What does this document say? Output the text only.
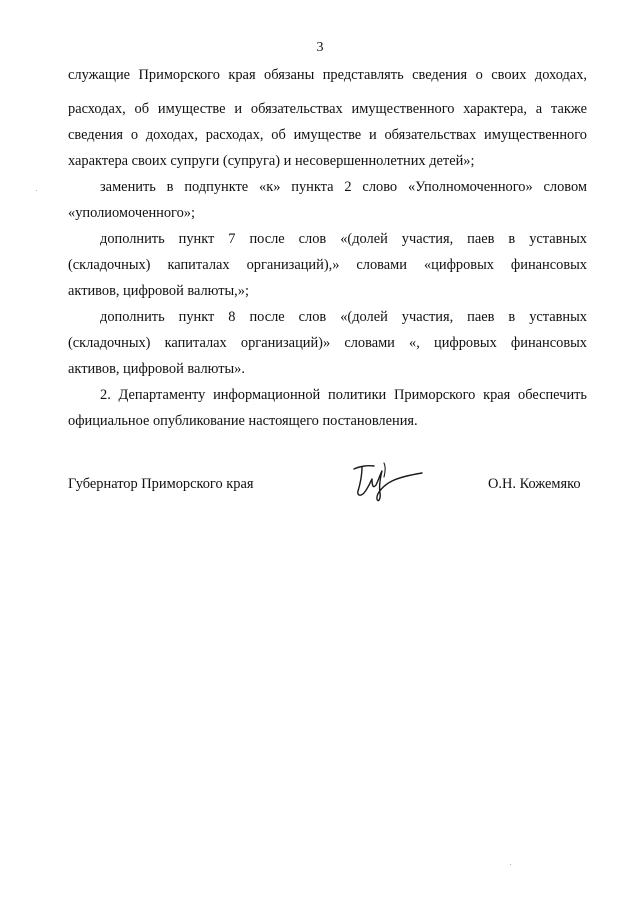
3
служащие Приморского края обязаны представлять сведения о своих доходах,
расходах, об имуществе и обязательствах имущественного характера, а также
сведения о доходах, расходах, об имуществе и обязательствах имущественного
характера своих супруги (супруга) и несовершеннолетних детей»;
заменить в подпункте «к» пункта 2 слово «Уполномоченного» словом
«уполиомоченного»;
дополнить пункт 7 после слов «(долей участия, паев в уставных
(складочных) капиталах организаций),» словами «цифровых финансовых
активов, цифровой валюты,»;
дополнить пункт 8 после слов «(долей участия, паев в уставных
(складочных) капиталах организаций)» словами «, цифровых финансовых
активов, цифровой валюты».
2. Департаменту информационной политики Приморского края обеспечить
официальное опубликование настоящего постановления.
Губернатор Приморского края	О.Н. Кожемяко
